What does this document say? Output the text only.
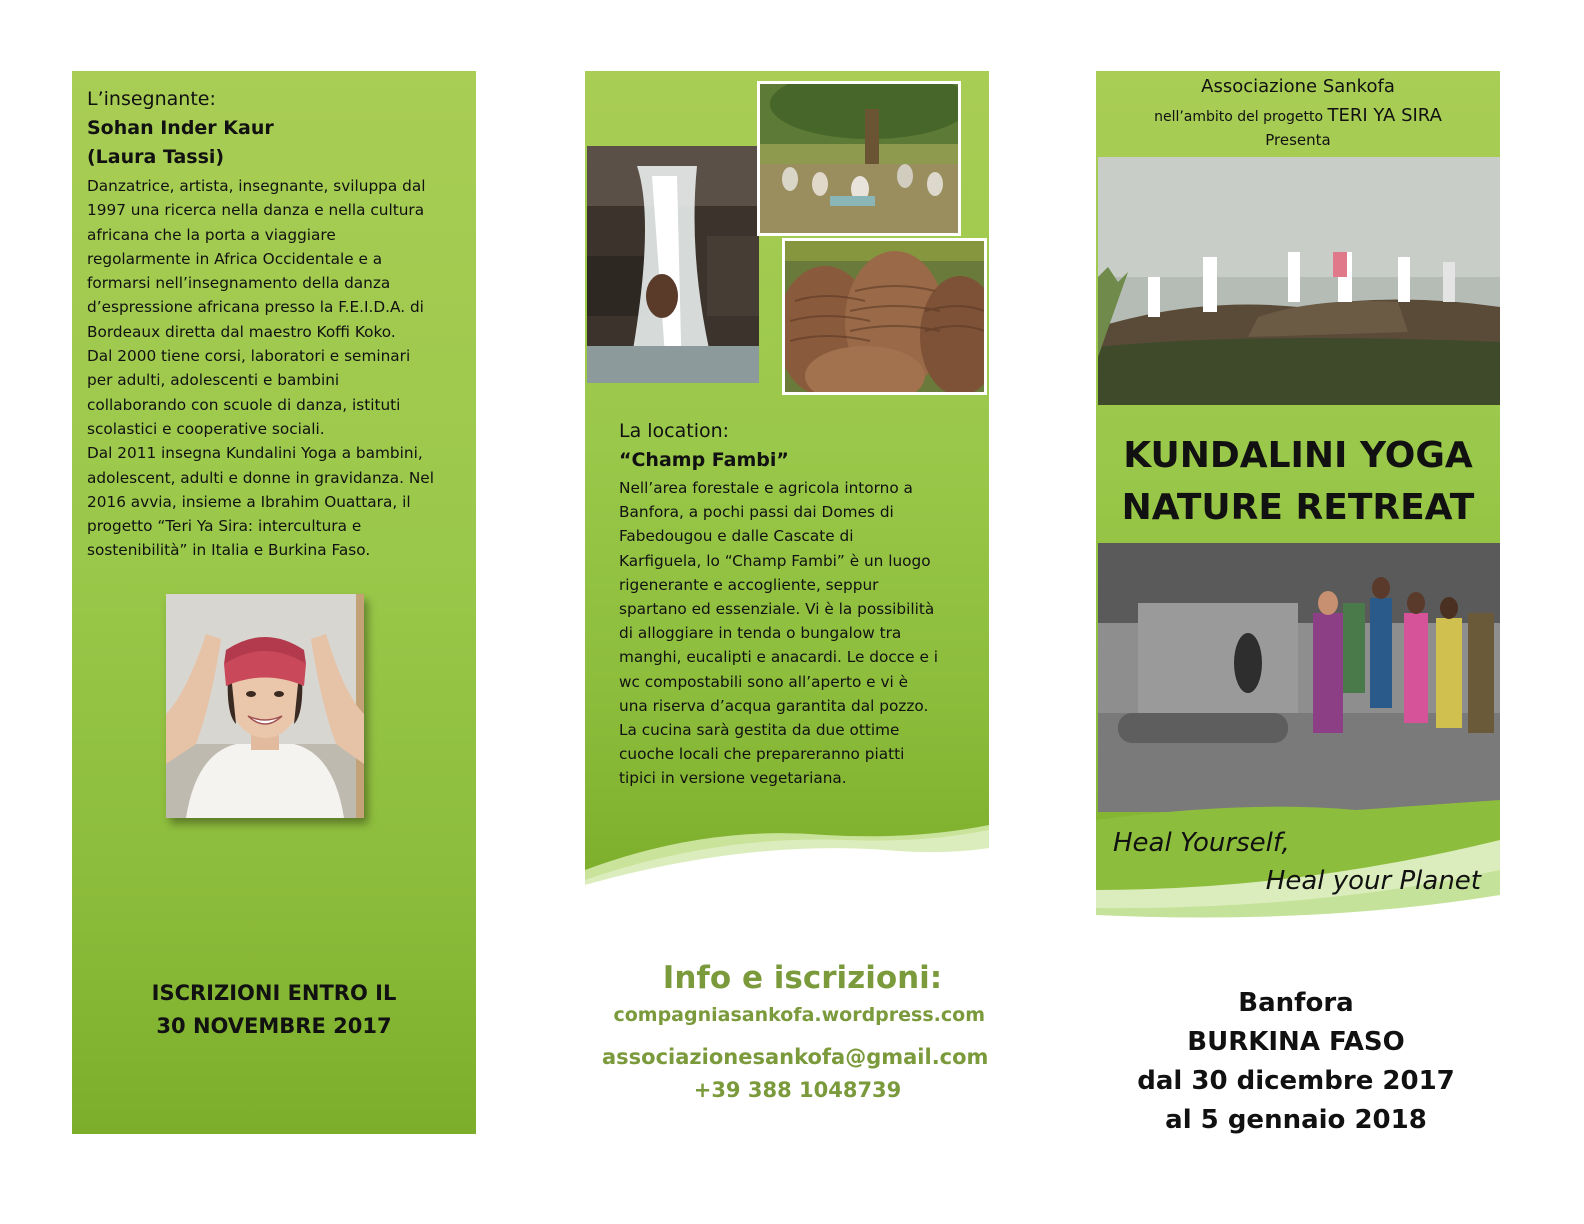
L’insegnante:
Sohan Inder Kaur
(Laura Tassi)
Danzatrice, artista, insegnante, sviluppa dal
1997 una ricerca nella danza e nella cultura
africana che la porta a viaggiare
regolarmente in Africa Occidentale e a
formarsi nell’insegnamento della danza
d’espressione africana presso la F.E.I.D.A. di
Bordeaux diretta dal maestro Koffi Koko.
Dal 2000 tiene corsi, laboratori e seminari
per adulti, adolescenti e bambini
collaborando con scuole di danza, istituti
scolastici e cooperative sociali.
Dal 2011 insegna Kundalini Yoga a bambini,
adolescent, adulti e donne in gravidanza. Nel
2016 avvia, insieme a Ibrahim Ouattara, il
progetto “Teri Ya Sira: intercultura e
sostenibilità” in Italia e Burkina Faso.
ISCRIZIONI ENTRO IL
30 NOVEMBRE 2017
La location:
“Champ Fambi”
Nell’area forestale e agricola intorno a
Banfora, a pochi passi dai Domes di
Fabedougou e dalle Cascate di
Karfiguela, lo “Champ Fambi” è un luogo
rigenerante e accogliente, seppur
spartano ed essenziale. Vi è la possibilità
di alloggiare in tenda o bungalow tra
manghi, eucalipti e anacardi. Le docce e i
wc compostabili sono all’aperto e vi è
una riserva d’acqua garantita dal pozzo.
La cucina sarà gestita da due ottime
cuoche locali che prepareranno piatti
tipici in versione vegetariana.
Info e iscrizioni:
compagniasankofa.wordpress.com
associazionesankofa@gmail.com
+39 388 1048739
Associazione Sankofa
nell’ambito del progetto TERI YA SIRA
Presenta
KUNDALINI YOGA
NATURE RETREAT
Heal Yourself,
Heal your Planet
Banfora
BURKINA FASO
dal 30 dicembre 2017
al 5 gennaio 2018
